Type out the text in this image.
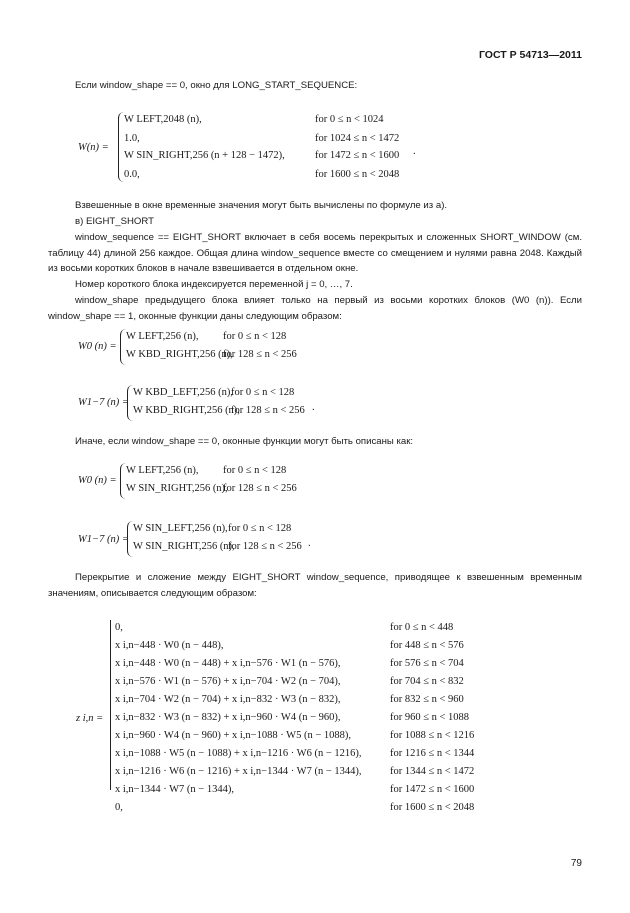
ГОСТ Р 54713—2011
Если window_shape == 0, окно для LONG_START_SEQUENCE:
W(n) =
W LEFT,2048 (n),
1.0,
W SIN_RIGHT,256 (n + 128 − 1472),
0.0,
for 0 ≤ n < 1024
for 1024 ≤ n < 1472
for 1472 ≤ n < 1600
for 1600 ≤ n < 2048
.
Взвешенные в окне временные значения могут быть вычислены по формуле из а).
в) EIGHT_SHORT
window_sequence == EIGHT_SHORT включает в себя восемь перекрытых и сложенных SHORT_WINDOW (см. таблицу 44) длиной 256 каждое. Общая длина window_sequence вместе со смещением и нулями равна 2048. Каждый из восьми коротких блоков в начале взвешивается в отдельном окне.
Номер короткого блока индексируется переменной j = 0, …, 7.
window_shape предыдущего блока влияет только на первый из восьми коротких блоков (W0 (n)). Если window_shape == 1, оконные функции даны следующим образом:
W0 (n) =
W LEFT,256 (n),
W KBD_RIGHT,256 (n),
for 0 ≤ n < 128
for 128 ≤ n < 256
W1−7 (n) =
W KBD_LEFT,256 (n),
W KBD_RIGHT,256 (n),
for 0 ≤ n < 128
for 128 ≤ n < 256 .
Иначе, если window_shape == 0, оконные функции могут быть описаны как:
W0 (n) =
W LEFT,256 (n),
W SIN_RIGHT,256 (n),
for 0 ≤ n < 128
for 128 ≤ n < 256
W1−7 (n) =
W SIN_LEFT,256 (n),
W SIN_RIGHT,256 (n),
for 0 ≤ n < 128
for 128 ≤ n < 256 .
Перекрытие и сложение между EIGHT_SHORT window_sequence, приводящее к взвешенным временным значениям, описывается следующим образом:
z i,n =
0,
x i,n−448 · W0 (n − 448),
x i,n−448 · W0 (n − 448) + x i,n−576 · W1 (n − 576),
x i,n−576 · W1 (n − 576) + x i,n−704 · W2 (n − 704),
x i,n−704 · W2 (n − 704) + x i,n−832 · W3 (n − 832),
x i,n−832 · W3 (n − 832) + x i,n−960 · W4 (n − 960),
x i,n−960 · W4 (n − 960) + x i,n−1088 · W5 (n − 1088),
x i,n−1088 · W5 (n − 1088) + x i,n−1216 · W6 (n − 1216),
x i,n−1216 · W6 (n − 1216) + x i,n−1344 · W7 (n − 1344),
x i,n−1344 · W7 (n − 1344),
0,
for 0 ≤ n < 448
for 448 ≤ n < 576
for 576 ≤ n < 704
for 704 ≤ n < 832
for 832 ≤ n < 960
for 960 ≤ n < 1088
for 1088 ≤ n < 1216
for 1216 ≤ n < 1344
for 1344 ≤ n < 1472
for 1472 ≤ n < 1600
for 1600 ≤ n < 2048
79
